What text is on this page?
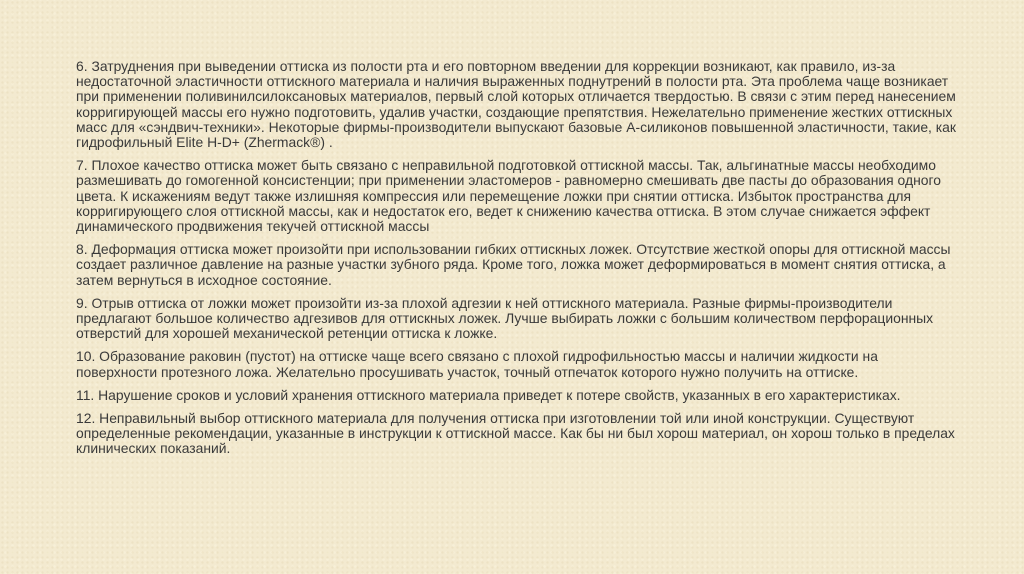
6. Затруднения при выведении оттиска из полости рта и его повторном введении для коррекции возникают, как правило, из-за недостаточной эластичности оттискного материала и наличия выраженных поднутрений в полости рта. Эта проблема чаще возникает при применении поливинилсилоксановых материалов, первый слой которых отличается твердостью. В связи с этим перед нанесением корригирующей массы его нужно подготовить, удалив участки, создающие препятствия. Нежелательно применение жестких оттискных масс для «сэндвич-техники». Некоторые фирмы-производители выпускают базовые А-силиконов повышенной эластичности, такие, как гидрофильный Elite H-D+ (Zhermack®) .

7. Плохое качество оттиска может быть связано с неправильной подготовкой оттискной массы. Так, альгинатные массы необходимо размешивать до гомогенной консистенции; при применении эластомеров - равномерно смешивать две пасты до образования одного цвета. К искажениям ведут также излишняя компрессия или перемещение ложки при снятии оттиска. Избыток пространства для корригирующего слоя оттискной массы, как и недостаток его, ведет к снижению качества оттиска. В этом случае снижается эффект динамического продвижения текучей оттискной массы

8. Деформация оттиска может произойти при использовании гибких оттискных ложек. Отсутствие жесткой опоры для оттискной массы создает различное давление на разные участки зубного ряда. Кроме того, ложка может деформироваться в момент снятия оттиска, а затем вернуться в исходное состояние.

9. Отрыв оттиска от ложки может произойти из-за плохой адгезии к ней оттискного материала. Разные фирмы-производители предлагают большое количество адгезивов для оттискных ложек. Лучше выбирать ложки с большим количеством перфорационных отверстий для хорошей механической ретенции оттиска к ложке.

10. Образование раковин (пустот) на оттиске чаще всего связано с плохой гидрофильностью массы и наличии жидкости на поверхности протезного ложа. Желательно просушивать участок, точный отпечаток которого нужно получить на оттиске.

11. Нарушение сроков и условий хранения оттискного материала приведет к потере свойств, указанных в его характеристиках.

12. Неправильный выбор оттискного материала для получения оттиска при изготовлении той или иной конструкции. Существуют определенные рекомендации, указанные в инструкции к оттискной массе. Как бы ни был хорош материал, он хорош только в пределах клинических показаний.
